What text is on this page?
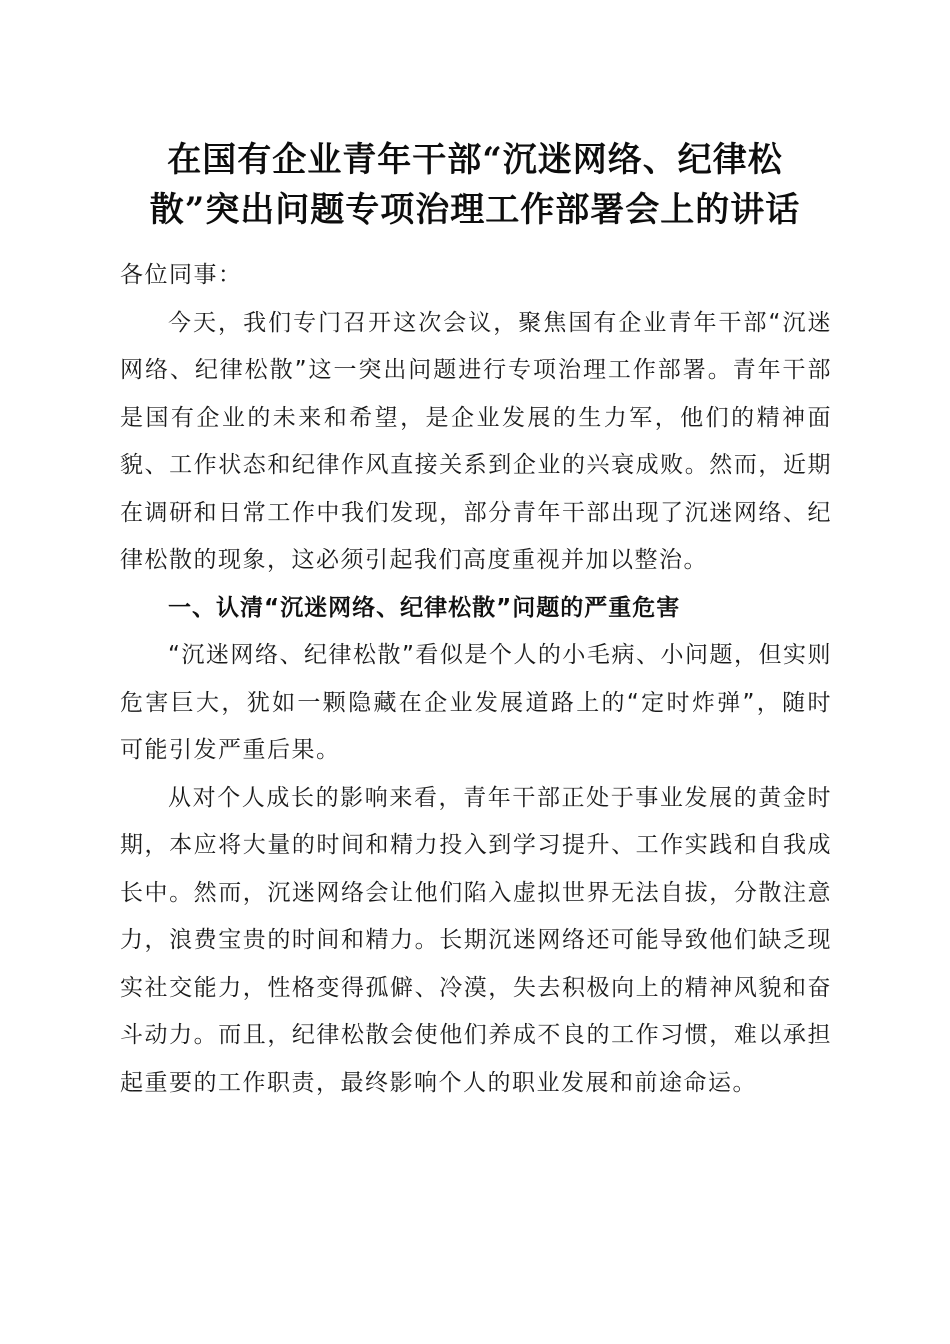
在国有企业青年干部“沉迷网络、纪律松
散”突出问题专项治理工作部署会上的讲话

各位同事：

今天，我们专门召开这次会议，聚焦国有企业青年干部“沉迷网络、纪律松散”这一突出问题进行专项治理工作部署。青年干部是国有企业的未来和希望，是企业发展的生力军，他们的精神面貌、工作状态和纪律作风直接关系到企业的兴衰成败。然而，近期在调研和日常工作中我们发现，部分青年干部出现了沉迷网络、纪律松散的现象，这必须引起我们高度重视并加以整治。

一、认清“沉迷网络、纪律松散”问题的严重危害

“沉迷网络、纪律松散”看似是个人的小毛病、小问题，但实则危害巨大，犹如一颗隐藏在企业发展道路上的“定时炸弹”，随时可能引发严重后果。

从对个人成长的影响来看，青年干部正处于事业发展的黄金时期，本应将大量的时间和精力投入到学习提升、工作实践和自我成长中。然而，沉迷网络会让他们陷入虚拟世界无法自拔，分散注意力，浪费宝贵的时间和精力。长期沉迷网络还可能导致他们缺乏现实社交能力，性格变得孤僻、冷漠，失去积极向上的精神风貌和奋斗动力。而且，纪律松散会使他们养成不良的工作习惯，难以承担起重要的工作职责，最终影响个人的职业发展和前途命运。
